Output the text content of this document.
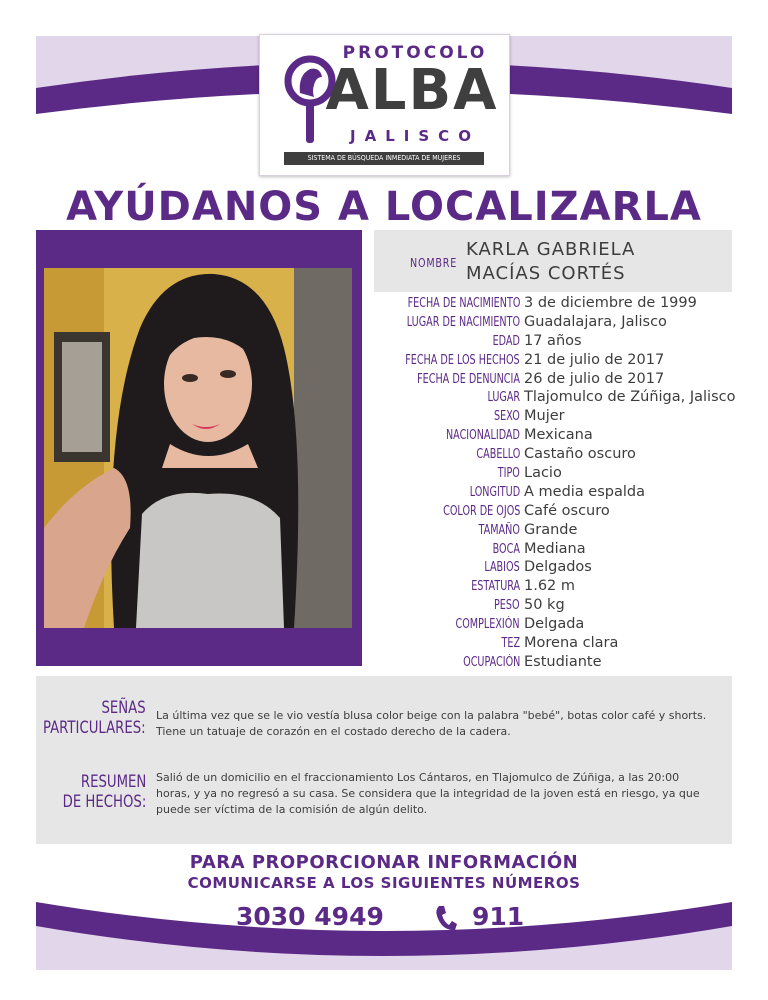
PROTOCOLO
ALBA
JALISCO
SISTEMA DE BÚSQUEDA INMEDIATA DE MUJERES
AYÚDANOS A LOCALIZARLA
NOMBRE
KARLA GABRIELA
MACÍAS CORTÉS
FECHA DE NACIMIENTO 3 de diciembre de 1999
LUGAR DE NACIMIENTO Guadalajara, Jalisco
EDAD 17 años
FECHA DE LOS HECHOS 21 de julio de 2017
FECHA DE DENUNCIA 26 de julio de 2017
LUGAR Tlajomulco de Zúñiga, Jalisco
SEXO Mujer
NACIONALIDAD Mexicana
CABELLO Castaño oscuro
TIPO Lacio
LONGITUD A media espalda
COLOR DE OJOS Café oscuro
TAMAÑO Grande
BOCA Mediana
LABIOS Delgados
ESTATURA 1.62 m
PESO 50 kg
COMPLEXIÓN Delgada
TEZ Morena clara
OCUPACIÓN Estudiante
SEÑAS
PARTICULARES:
La última vez que se le vio vestía blusa color beige con la palabra "bebé", botas color café y shorts. Tiene un tatuaje de corazón en el costado derecho de la cadera.
RESUMEN
DE HECHOS:
Salió de un domicilio en el fraccionamiento Los Cántaros, en Tlajomulco de Zúñiga, a las 20:00 horas, y ya no regresó a su casa. Se considera que la integridad de la joven está en riesgo, ya que puede ser víctima de la comisión de algún delito.
PARA PROPORCIONAR INFORMACIÓN
COMUNICARSE A LOS SIGUIENTES NÚMEROS
3030 4949	911
